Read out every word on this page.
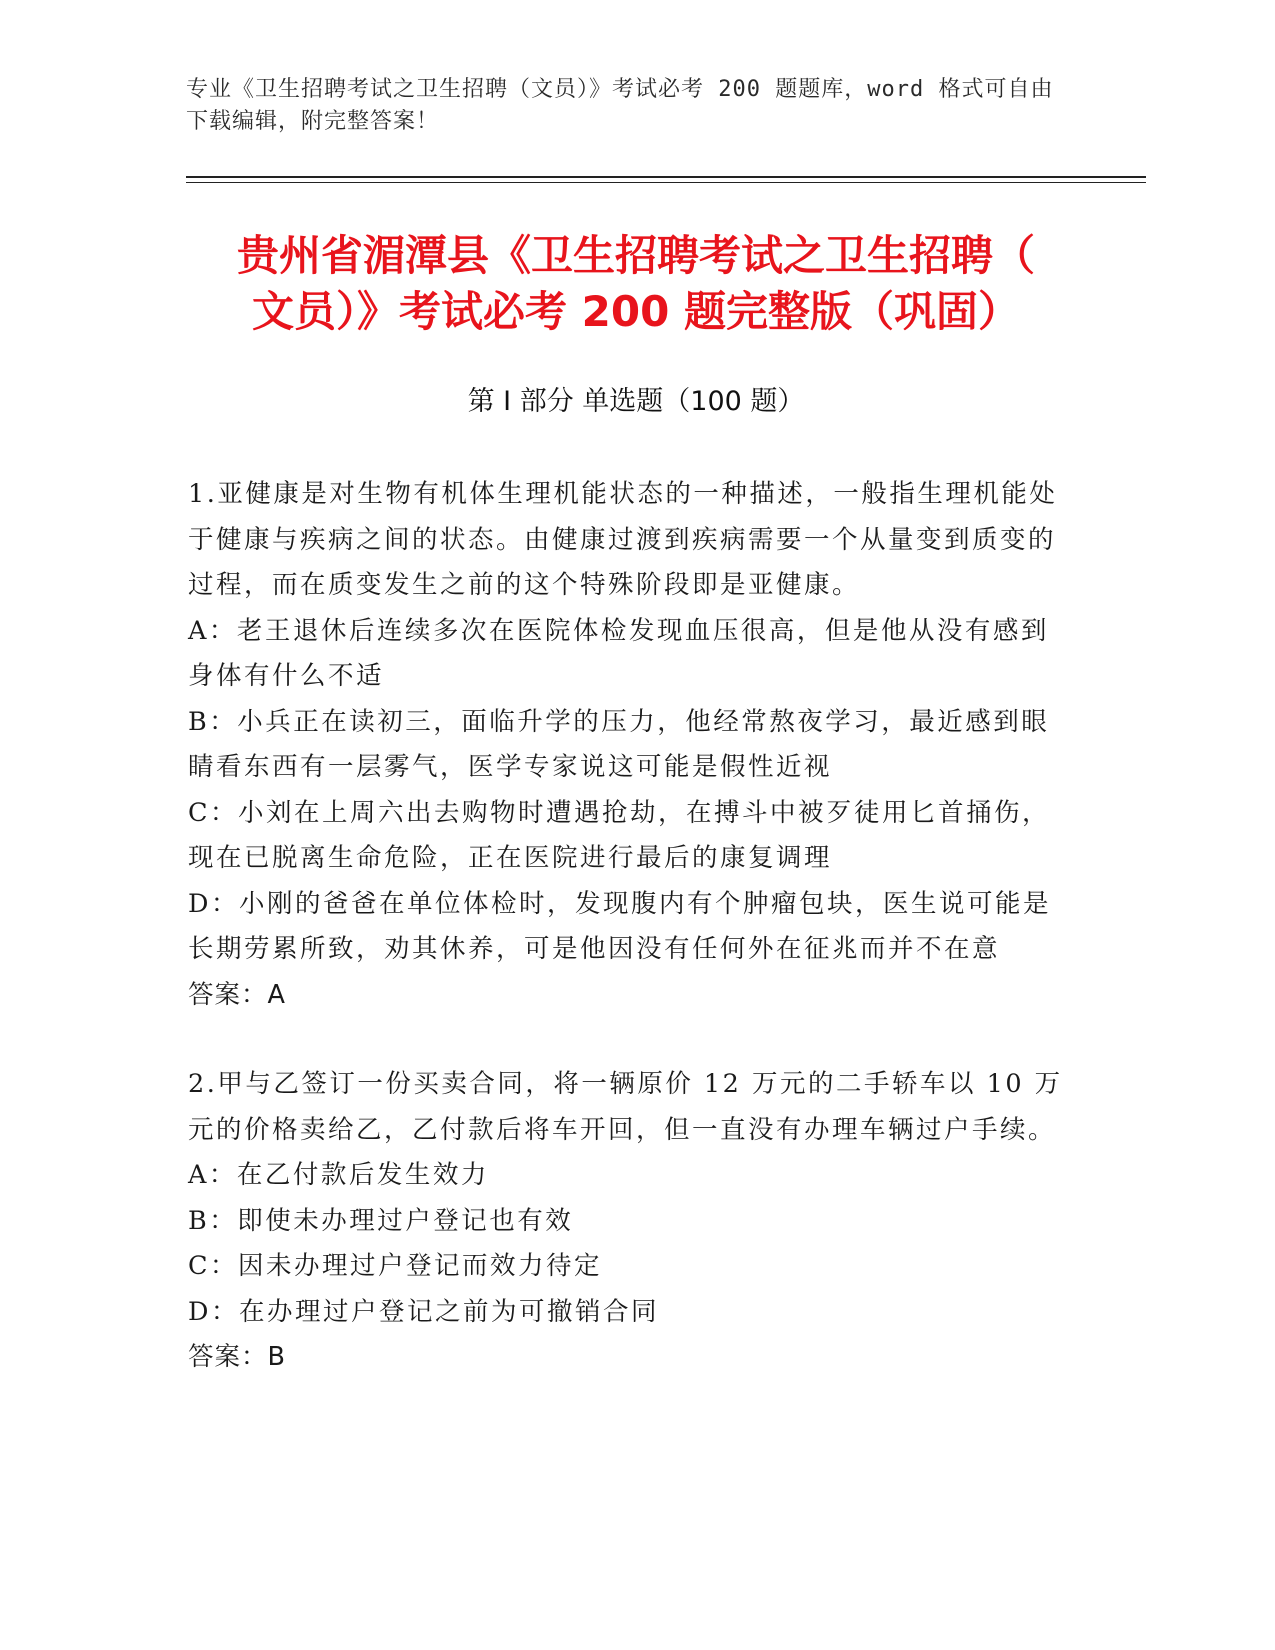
专业《卫生招聘考试之卫生招聘（文员）》考试必考 200 题题库，word 格式可自由下载编辑，附完整答案！
贵州省湄潭县《卫生招聘考试之卫生招聘（
文员）》考试必考 200 题完整版（巩固）
第 I 部分 单选题（100 题）
1.亚健康是对生物有机体生理机能状态的一种描述，一般指生理机能处于健康与疾病之间的状态。由健康过渡到疾病需要一个从量变到质变的过程，而在质变发生之前的这个特殊阶段即是亚健康。
A：老王退休后连续多次在医院体检发现血压很高，但是他从没有感到身体有什么不适
B：小兵正在读初三，面临升学的压力，他经常熬夜学习，最近感到眼睛看东西有一层雾气，医学专家说这可能是假性近视
C：小刘在上周六出去购物时遭遇抢劫，在搏斗中被歹徒用匕首捅伤，现在已脱离生命危险，正在医院进行最后的康复调理
D：小刚的爸爸在单位体检时，发现腹内有个肿瘤包块，医生说可能是长期劳累所致，劝其休养，可是他因没有任何外在征兆而并不在意
答案：A
2.甲与乙签订一份买卖合同，将一辆原价 12 万元的二手轿车以 10 万元的价格卖给乙，乙付款后将车开回，但一直没有办理车辆过户手续。
A：在乙付款后发生效力
B：即使未办理过户登记也有效
C：因未办理过户登记而效力待定
D：在办理过户登记之前为可撤销合同
答案：B
